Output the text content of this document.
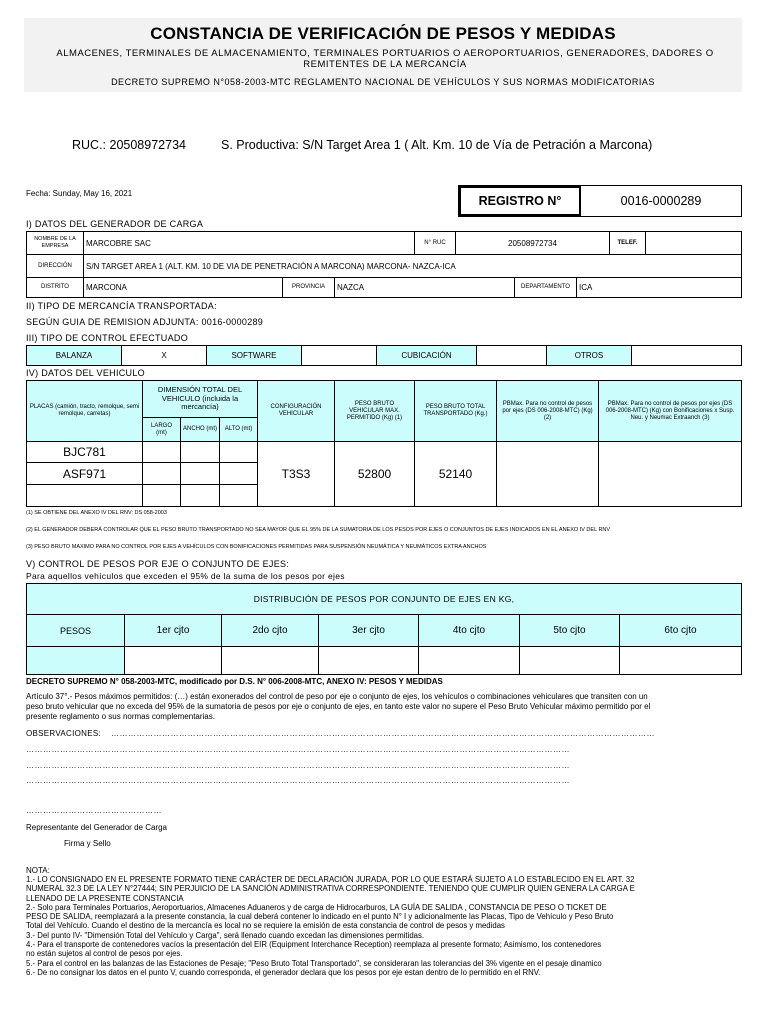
CONSTANCIA DE VERIFICACIÓN DE PESOS Y MEDIDAS
ALMACENES, TERMINALES DE ALMACENAMIENTO, TERMINALES PORTUARIOS O AEROPORTUARIOS, GENERADORES, DADORES O REMITENTES DE LA MERCANCÍA
DECRETO SUPREMO N°058-2003-MTC REGLAMENTO NACIONAL DE VEHÍCULOS Y SUS NORMAS MODIFICATORIAS
RUC.: 20508972734	S. Productiva: S/N Target Area 1 ( Alt. Km. 10 de Vía de Petración a Marcona)
Fecha: Sunday, May 16, 2021
REGISTRO N°	0016-0000289
I) DATOS DEL GENERADOR DE CARGA
NOMBRE DE LA EMPRESA	MARCOBRE SAC	N° RUC	20508972734	TELEF.	
DIRECCIÓN	S/N TARGET AREA 1 (ALT. KM. 10 DE VIA DE PENETRACIÓN A MARCONA) MARCONA- NAZCA-ICA
DISTRITO	MARCONA	PROVINCIA	NAZCA	DEPARTAMENTO	ICA
II) TIPO DE MERCANCÍA TRANSPORTADA:
SEGÚN GUIA DE REMISION ADJUNTA: 0016-0000289
III) TIPO DE CONTROL EFECTUADO
BALANZA	X	SOFTWARE		CUBICACIÓN		OTROS	
IV) DATOS DEL VEHICULO
PLACAS (camión, tracto, remolque, semi remolque, carretas)	DIMENSIÓN TOTAL DEL VEHICULO (incluida la mercancía)			CONFIGURACIÓN VEHICULAR	PESO BRUTO VEHICULAR MAX. PERMITIDO (Kg) (1)	PESO BRUTO TOTAL TRANSPORTADO (Kg.)	PBMax. Para no control de pesos por ejes (DS 006-2008-MTC) (Kg) (2)	PBMax. Para no control de pesos por ejes (DS 006-2008-MTC) (Kg) con Bonificaciones x Susp. Neu. y Neumac Extraanch (3)
	LARGO (mt)	ANCHO (mt)	ALTO (mt)					
BJC781				T3S3	52800	52140		
ASF971								

(1) SE OBTIENE DEL ANEXO IV DEL RNV: DS 058-2003
(2) EL GENERADOR DEBERÁ CONTROLAR QUE EL PESO BRUTO TRANSPORTADO NO SEA MAYOR QUE EL 95% DE LA SUMATORIA DE LOS PESOS POR EJES O CONJUNTOS DE EJES INDICADOS EN EL ANEXO IV DEL RNV
(3) PESO BRUTO MAXIMO PARA NO CONTROL POR EJES A VEHÍCULOS CON BONIFICACIONES PERMITIDAS PARA SUSPENSIÓN NEUMÁTICA Y NEUMÁTICOS EXTRA ANCHOS
V) CONTROL DE PESOS POR EJE O CONJUNTO DE EJES:
Para aquellos vehículos que exceden el 95% de la suma de los pesos por ejes
DISTRIBUCIÓN DE PESOS POR CONJUNTO DE EJES EN KG,						
PESOS	1er cjto	2do cjto	3er cjto	4to cjto	5to cjto	6to cjto

DECRETO SUPREMO N° 058-2003-MTC, modificado por D.S. N° 006-2008-MTC, ANEXO IV: PESOS Y MEDIDAS
Artículo 37°.- Pesos máximos permitidos: (…) están exonerados del control de peso por eje o conjunto de ejes, los vehículos o combinaciones vehiculares que transiten con un
peso bruto vehicular que no exceda del 95% de la sumatoria de pesos por eje o conjunto de ejes, en tanto este valor no supere el Peso Bruto Vehicular máximo permitido por el
presente reglamento o sus normas complementarias.
OBSERVACIONES: …………………………………………………………………………………………………………………………………………………………………………
…………………………………………………………………………………………………………………………………………………………………………
…………………………………………………………………………………………………………………………………………………………………………
…………………………………………………………………………………………………………………………………………………………………………
…………………………………………
Representante del Generador de Carga
Firma y Sello
NOTA:
1.- LO CONSIGNADO EN EL PRESENTE FORMATO TIENE CARÁCTER DE DECLARACIÓN JURADA, POR LO QUE ESTARÁ SUJETO A LO ESTABLECIDO EN EL ART. 32
NUMERAL 32.3 DE LA LEY N°27444; SIN PERJUICIO DE LA SANCIÓN ADMINISTRATIVA CORRESPONDIENTE. TENIENDO QUE CUMPLIR QUIEN GENERA LA CARGA E
LLENADO DE LA PRESENTE CONSTANCIA
2.- Solo para Terminales Portuarios, Aeroportuarios, Almacenes Aduaneros y de carga de Hidrocarburos, LA GUÍA DE SALIDA , CONSTANCIA DE PESO O TICKET DE
PESO DE SALIDA, reemplazará a la presente constancia, la cual deberá contener lo indicado en el punto N° I y adicionalmente las Placas, Tipo de Vehículo y Peso Bruto
Total del Vehículo. Cuando el destino de la mercancía es local no se requiere la emisión de esta constancia de control de pesos y medidas
3.- Del punto IV- "Dimensión Total del Vehículo y Carga", será llenado cuando excedan las dimensiones permitidas.
4.- Para el transporte de contenedores vacíos la presentación del EIR (Equipment Interchance Reception) reemplaza al presente formato; Asimismo, los contenedores
no están sujetos al control de pesos por ejes.
5.- Para el control en las balanzas de las Estaciones de Pesaje; "Peso Bruto Total Transportado", se consideraran las tolerancias del 3% vigente en el pesaje dinamico
6.- De no consignar los datos en el punto V, cuando corresponda, el generador declara que los pesos por eje estan dentro de lo permitido en el RNV.
